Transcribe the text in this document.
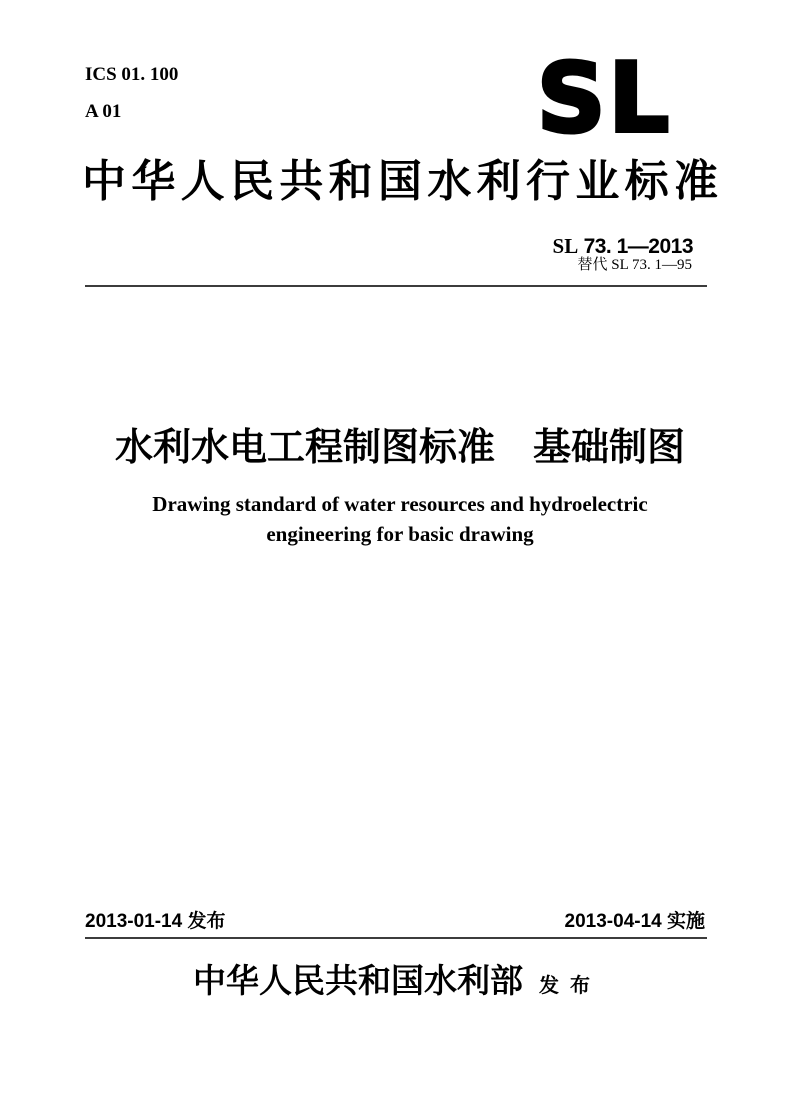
ICS 01. 100
A 01	SL
中华人民共和国水利行业标准
SL 73. 1—2013
替代 SL 73. 1—95
水利水电工程制图标准　基础制图
Drawing standard of water resources and hydroelectric
engineering for basic drawing
2013-01-14 发布	2013-04-14 实施
中华人民共和国水利部 发 布
